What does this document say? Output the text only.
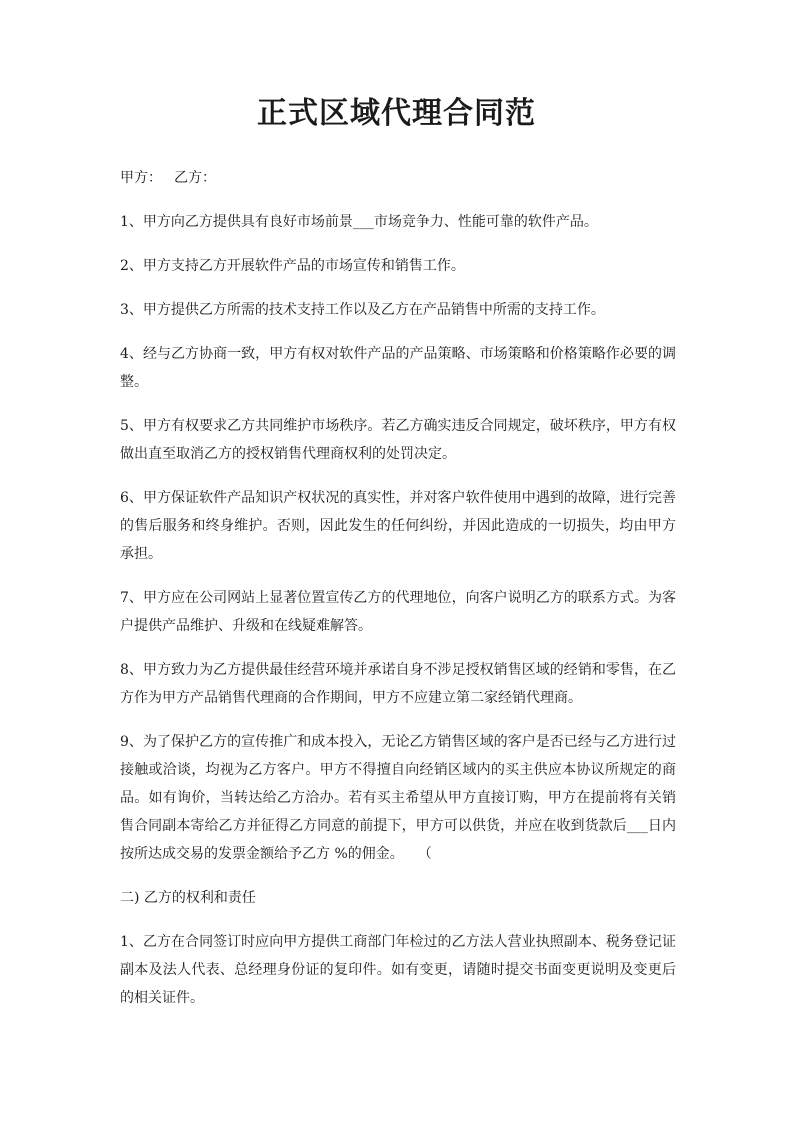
正式区域代理合同范

甲方： 乙方：

1、甲方向乙方提供具有良好市场前景___市场竞争力、性能可靠的软件产品。

2、甲方支持乙方开展软件产品的市场宣传和销售工作。

3、甲方提供乙方所需的技术支持工作以及乙方在产品销售中所需的支持工作。

4、经与乙方协商一致，甲方有权对软件产品的产品策略、市场策略和价格策略作必要的调整。

5、甲方有权要求乙方共同维护市场秩序。若乙方确实违反合同规定，破坏秩序，甲方有权做出直至取消乙方的授权销售代理商权利的处罚决定。

6、甲方保证软件产品知识产权状况的真实性，并对客户软件使用中遇到的故障，进行完善的售后服务和终身维护。否则，因此发生的任何纠纷，并因此造成的一切损失，均由甲方承担。

7、甲方应在公司网站上显著位置宣传乙方的代理地位，向客户说明乙方的联系方式。为客户提供产品维护、升级和在线疑难解答。

8、甲方致力为乙方提供最佳经营环境并承诺自身不涉足授权销售区域的经销和零售，在乙方作为甲方产品销售代理商的合作期间，甲方不应建立第二家经销代理商。

9、为了保护乙方的宣传推广和成本投入，无论乙方销售区域的客户是否已经与乙方进行过接触或洽谈，均视为乙方客户。甲方不得擅自向经销区域内的买主供应本协议所规定的商品。如有询价，当转达给乙方洽办。若有买主希望从甲方直接订购，甲方在提前将有关销售合同副本寄给乙方并征得乙方同意的前提下，甲方可以供货，并应在收到货款后___日内按所达成交易的发票金额给予乙方 %的佣金。　　（

二) 乙方的权利和责任

1、乙方在合同签订时应向甲方提供工商部门年检过的乙方法人营业执照副本、税务登记证副本及法人代表、总经理身份证的复印件。如有变更，请随时提交书面变更说明及变更后的相关证件。
